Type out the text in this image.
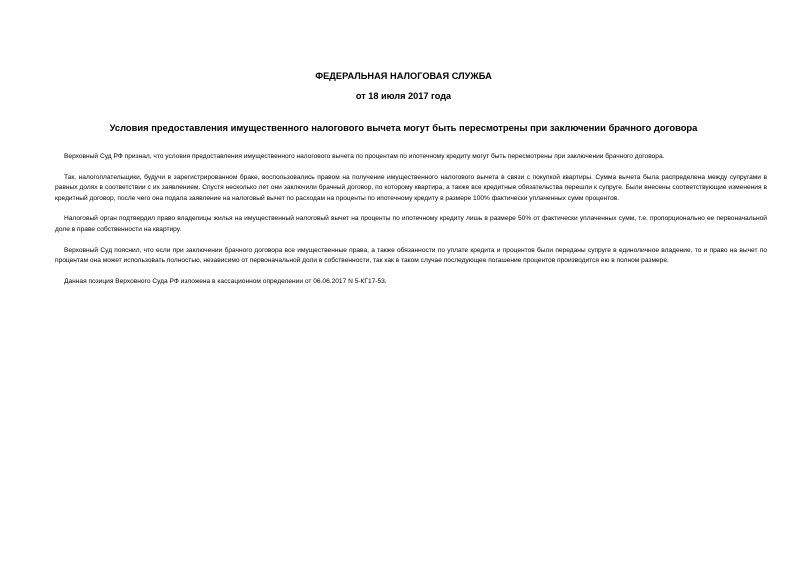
ФЕДЕРАЛЬНАЯ НАЛОГОВАЯ СЛУЖБА
от 18 июля 2017 года
Условия предоставления имущественного налогового вычета могут быть пересмотрены при заключении брачного договора

Верховный Суд РФ признал, что условия предоставления имущественного налогового вычета по процентам по ипотечному кредиту могут быть пересмотрены при заключении брачного договора.

Так, налогоплательщики, будучи в зарегистрированном браке, воспользовались правом на получение имущественного налогового вычета в связи с покупкой квартиры. Сумма вычета была распределена между супругами в равных долях в соответствии с их заявлением. Спустя несколько лет они заключили брачный договор, по которому квартира, а также все кредитные обязательства перешли к супруге. Были внесены соответствующие изменения в кредитный договор, после чего она подала заявление на налоговый вычет по расходам на проценты по ипотечному кредиту в размере 100% фактически уплаченных сумм процентов.

Налоговый орган подтвердил право владелицы жилья на имущественный налоговый вычет на проценты по ипотечному кредиту лишь в размере 50% от фактически уплаченных сумм, т.е. пропорционально ее первоначальной доле в праве собственности на квартиру.

Верховный Суд пояснил, что если при заключении брачного договора все имущественные права, а также обязанности по уплате кредита и процентов были переданы супруге в единоличное владение, то и право на вычет по процентам она может использовать полностью, независимо от первоначальной доли в собственности, так как в таком случае последующее погашение процентов производится ею в полном размере.

Данная позиция Верховного Суда РФ изложена в кассационном определении от 06.06.2017 N 5-КГ17-53.
